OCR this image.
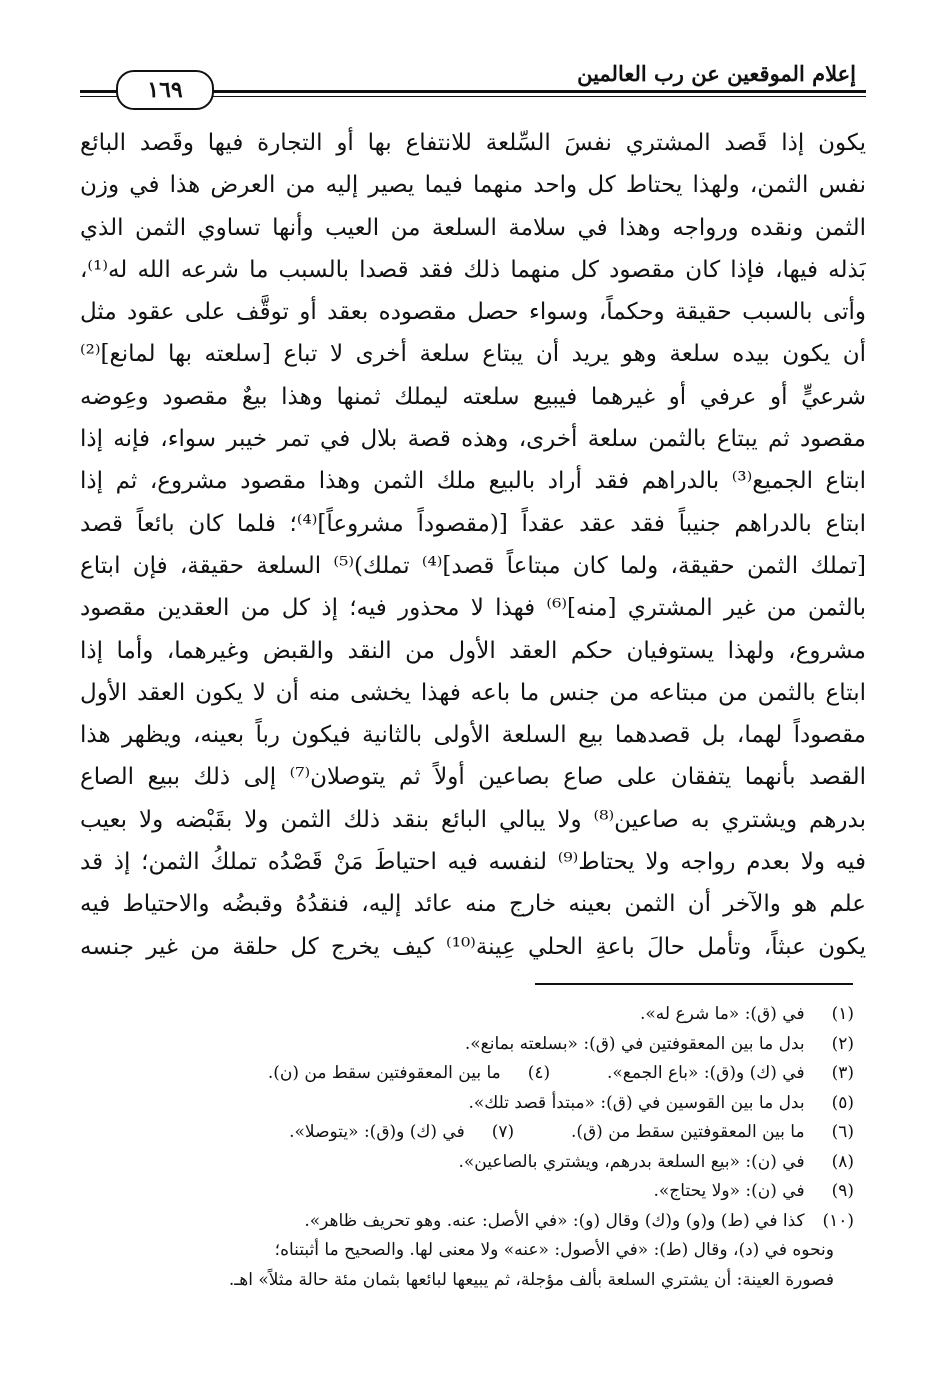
إعلام الموقعين عن رب العالمين
١٦٩
يكون إذا قَصد المشتري نفسَ السِّلعة للانتفاع بها أو التجارة فيها وقَصد البائع
نفس الثمن، ولهذا يحتاط كل واحد منهما فيما يصير إليه من العرض هذا في وزن
الثمن ونقده ورواجه وهذا في سلامة السلعة من العيب وأنها تساوي الثمن الذي
بَذله فيها، فإذا كان مقصود كل منهما ذلك فقد قصدا بالسبب ما شرعه الله له⁽¹⁾،
وأتى بالسبب حقيقة وحكماً، وسواء حصل مقصوده بعقد أو توقَّف على عقود مثل
أن يكون بيده سلعة وهو يريد أن يبتاع سلعة أخرى لا تباع [سلعته بها لمانع]⁽²⁾
شرعيٍّ أو عرفي أو غيرهما فيبيع سلعته ليملك ثمنها وهذا بيعٌ مقصود وعِوضه
مقصود ثم يبتاع بالثمن سلعة أخرى، وهذه قصة بلال في تمر خيبر سواء، فإنه إذا
ابتاع الجميع⁽³⁾ بالدراهم فقد أراد بالبيع ملك الثمن وهذا مقصود مشروع، ثم إذا
ابتاع بالدراهم جنيباً فقد عقد عقداً [(مقصوداً مشروعاً]⁽⁴⁾؛ فلما كان بائعاً قصد
[تملك الثمن حقيقة، ولما كان مبتاعاً قصد]⁽⁴⁾ تملك)⁽⁵⁾ السلعة حقيقة، فإن ابتاع
بالثمن من غير المشتري [منه]⁽⁶⁾ فهذا لا محذور فيه؛ إذ كل من العقدين مقصود
مشروع، ولهذا يستوفيان حكم العقد الأول من النقد والقبض وغيرهما، وأما إذا
ابتاع بالثمن من مبتاعه من جنس ما باعه فهذا يخشى منه أن لا يكون العقد الأول
مقصوداً لهما، بل قصدهما بيع السلعة الأولى بالثانية فيكون رباً بعينه، ويظهر هذا
القصد بأنهما يتفقان على صاع بصاعين أولاً ثم يتوصلان⁽⁷⁾ إلى ذلك ببيع الصاع
بدرهم ويشتري به صاعين⁽⁸⁾ ولا يبالي البائع بنقد ذلك الثمن ولا بقَبْضه ولا بعيب
فيه ولا بعدم رواجه ولا يحتاط⁽⁹⁾ لنفسه فيه احتياطَ مَنْ قَصْدُه تملكُ الثمن؛ إذ قد
علم هو والآخر أن الثمن بعينه خارج منه عائد إليه، فنقدُهُ وقبضُه والاحتياط فيه
يكون عبثاً، وتأمل حالَ باعةِ الحلي عِينة⁽¹⁰⁾ كيف يخرج كل حلقة من غير جنسه
(١) في (ق): «ما شرع له».
(٢) بدل ما بين المعقوفتين في (ق): «بسلعته بمانع».
(٣) في (ك) و(ق): «باع الجمع».  (٤) ما بين المعقوفتين سقط من (ن).
(٥) بدل ما بين القوسين في (ق): «مبتدأ قصد تلك».
(٦) ما بين المعقوفتين سقط من (ق).  (٧) في (ك) و(ق): «يتوصلا».
(٨) في (ن): «بيع السلعة بدرهم، ويشتري بالصاعين».
(٩) في (ن): «ولا يحتاج».
(١٠) كذا في (ط) و(و) و(ك) وقال (و): «في الأصل: عنه. وهو تحريف ظاهر».
ونحوه في (د)، وقال (ط): «في الأصول: «عنه» ولا معنى لها. والصحيح ما أثبتناه؛
فصورة العينة: أن يشتري السلعة بألف مؤجلة، ثم يبيعها لبائعها بثمان مئة حالة مثلاً» اهـ.
